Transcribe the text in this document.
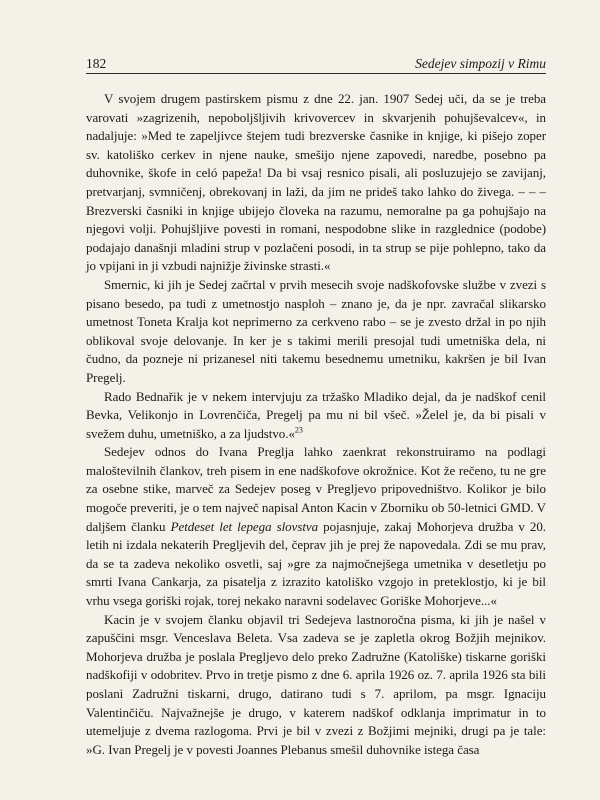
182	Sedejev simpozij v Rimu

V svojem drugem pastirskem pismu z dne 22. jan. 1907 Sedej uči, da se je treba varovati »zagrizenih, nepoboljšljivih krivovercev in skvarjenih pohujševalcev«, in nadaljuje: »Med te zapeljivce štejem tudi brezverske časnike in knjige, ki pišejo zoper sv. katoliško cerkev in njene nauke, smešijo njene zapovedi, naredbe, posebno pa duhovnike, škofe in celó papeža! Da bi vsaj resnico pisali, ali posluzujejo se zavijanj, pretvarjanj, svmničenj, obrekovanj in laži, da jim ne prideš tako lahko do živega. – – – Brezverski časniki in knjige ubijejo človeka na razumu, nemoralne pa ga pohujšajo na njegovi volji. Pohujšljive povesti in romani, nespodobne slike in razglednice (podobe) podajajo današnji mladini strup v pozlačeni posodi, in ta strup se pije pohlepno, tako da jo vpijani in ji vzbudi najnižje živinske strasti.«

Smernic, ki jih je Sedej začrtal v prvih mesecih svoje nadškofovske službe v zvezi s pisano besedo, pa tudi z umetnostjo nasploh – znano je, da je npr. zavračal slikarsko umetnost Toneta Kralja kot neprimerno za cerkveno rabo – se je zvesto držal in po njih oblikoval svoje delovanje. In ker je s takimi merili presojal tudi umetniška dela, ni čudno, da pozneje ni prizanesel niti takemu besednemu umetniku, kakršen je bil Ivan Pregelj.

Rado Bednařik je v nekem intervjuju za tržaško Mladiko dejal, da je nadškof cenil Bevka, Velikonjo in Lovrenčiča, Pregelj pa mu ni bil všeč. »Želel je, da bi pisali v svežem duhu, umetniško, a za ljudstvo.«$^{23}$

Sedejev odnos do Ivana Preglja lahko zaenkrat rekonstruiramo na podlagi maloštevilnih člankov, treh pisem in ene nadškofove okrožnice. Kot že rečeno, tu ne gre za osebne stike, marveč za Sedejev poseg v Pregljevo pripovedništvo. Kolikor je bilo mogoče preveriti, je o tem največ napisal Anton Kacin v Zborniku ob 50-letnici GMD. V daljšem članku Petdeset let lepega slovstva pojasnjuje, zakaj Mohorjeva družba v 20. letih ni izdala nekaterih Pregljevih del, čeprav jih je prej že napovedala. Zdi se mu prav, da se ta zadeva nekoliko osvetli, saj »gre za najmočnejšega umetnika v desetletju po smrti Ivana Cankarja, za pisatelja z izrazito katoliško vzgojo in preteklostjo, ki je bil vrhu vsega goriški rojak, torej nekako naravni sodelavec Goriške Mohorjeve...«

Kacin je v svojem članku objavil tri Sedejeva lastnoročna pisma, ki jih je našel v zapuščini msgr. Venceslava Beleta. Vsa zadeva se je zapletla okrog Božjih mejnikov. Mohorjeva družba je poslala Pregljevo delo preko Zadružne (Katoliške) tiskarne goriški nadškofiji v odobritev. Prvo in tretje pismo z dne 6. aprila 1926 oz. 7. aprila 1926 sta bili poslani Zadružni tiskarni, drugo, datirano tudi s 7. aprilom, pa msgr. Ignaciju Valentinčiču. Najvažnejše je drugo, v katerem nadškof odklanja imprimatur in to utemeljuje z dvema razlogoma. Prvi je bil v zvezi z Božjimi mejniki, drugi pa je tale: »G. Ivan Pregelj je v povesti Joannes Plebanus smešil duhovnike istega časa
